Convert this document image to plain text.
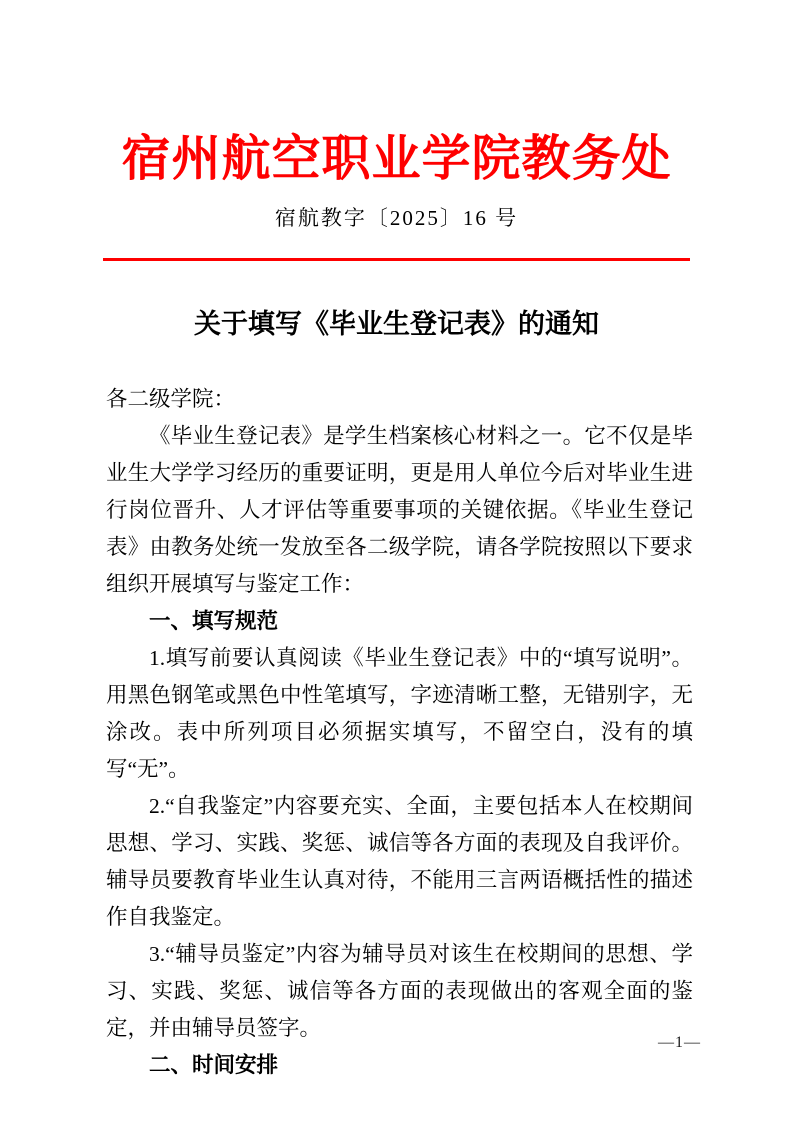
宿州航空职业学院教务处
宿航教字〔2025〕16 号
关于填写《毕业生登记表》的通知

各二级学院：

《毕业生登记表》是学生档案核心材料之一。它不仅是毕业生大学学习经历的重要证明，更是用人单位今后对毕业生进行岗位晋升、人才评估等重要事项的关键依据。《毕业生登记表》由教务处统一发放至各二级学院，请各学院按照以下要求组织开展填写与鉴定工作：

一、填写规范

1.填写前要认真阅读《毕业生登记表》中的“填写说明”。用黑色钢笔或黑色中性笔填写，字迹清晰工整，无错别字，无涂改。表中所列项目必须据实填写，不留空白，没有的填写“无”。

2.“自我鉴定”内容要充实、全面，主要包括本人在校期间思想、学习、实践、奖惩、诚信等各方面的表现及自我评价。辅导员要教育毕业生认真对待，不能用三言两语概括性的描述作自我鉴定。

3.“辅导员鉴定”内容为辅导员对该生在校期间的思想、学习、实践、奖惩、诚信等各方面的表现做出的客观全面的鉴定，并由辅导员签字。

二、时间安排

—1—
